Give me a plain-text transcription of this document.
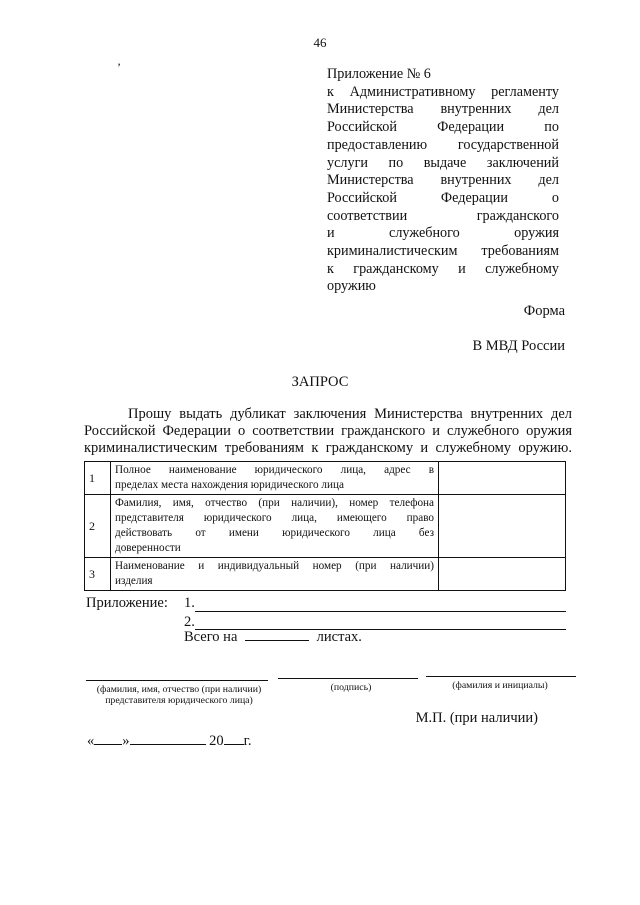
46
’	Приложение № 6
к Административному регламенту
Министерства внутренних дел
Российской Федерации по
предоставлению государственной
услуги по выдаче заключений
Министерства внутренних дел
Российской Федерации о
соответствии гражданского
и служебного оружия
криминалистическим требованиям
к гражданскому и служебному
оружию
Форма
В МВД России
ЗАПРОС
Прошу выдать дубликат заключения Министерства внутренних дел
Российской Федерации о соответствии гражданского и служебного оружия
криминалистическим требованиям к гражданскому и служебному оружию.
1	Полное наименование юридического лица, адрес в
пределах места нахождения юридического лица	

2	Фамилия, имя, отчество (при наличии), номер телефона
представителя юридического лица, имеющего право
действовать от имени юридического лица без
доверенности	

3	Наименование и индивидуальный номер (при наличии)
изделия	

Приложение: 1.
2.
Всего на	листах.
(фамилия, имя, отчество (при наличии)
представителя юридического лица)
(подпись)	(фамилия и инициалы)
М.П. (при наличии)
« »	20 г.
